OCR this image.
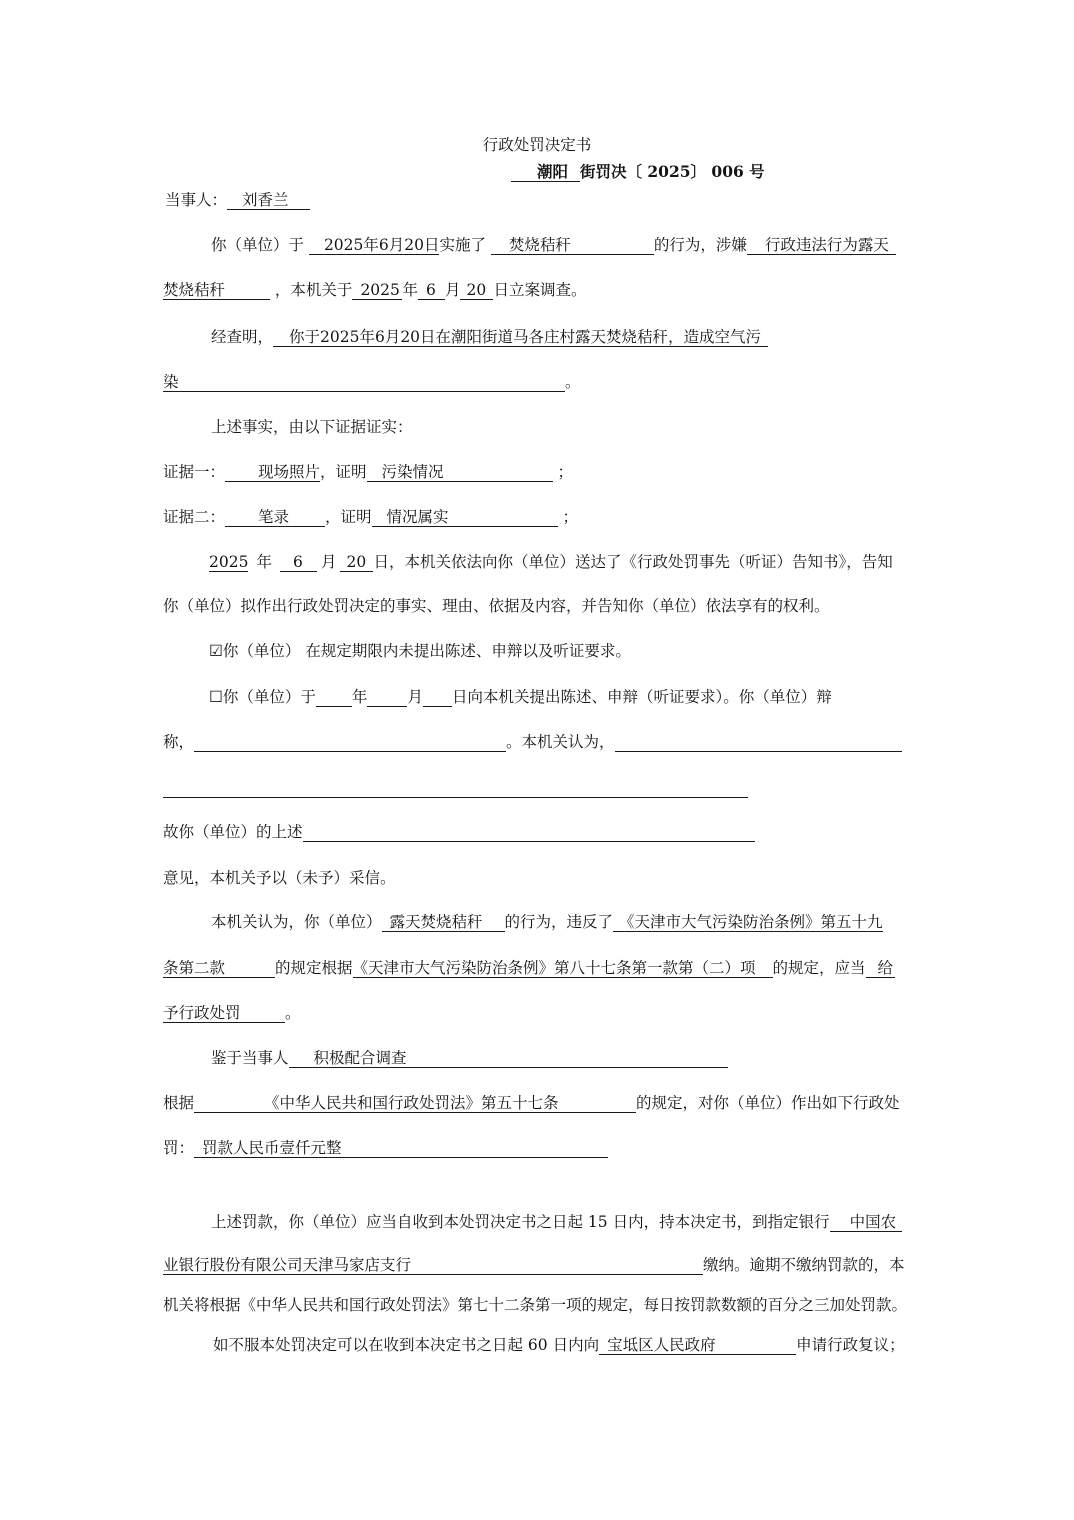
行政处罚决定书
潮阳 街罚决〔 2025〕 006 号
当事人： 刘香兰
你（单位）于 2025年6月20日实施了 焚烧秸秆	的行为，涉嫌 行政违法行为露天
焚烧秸秆	，本机关于 2025 年 6 月 20 日立案调查。
经查明， 你于2025年6月20日在潮阳街道马各庄村露天焚烧秸秆，造成空气污
染	。
上述事实，由以下证据证实：
证据一： 现场照片，证明 污染情况	；
证据二： 笔录 ，证明 情况属实	；
2025 年 6 月 20 日，本机关依法向你（单位）送达了《行政处罚事先（听证）告知书》，告知
你（单位）拟作出行政处罚决定的事实、理由、依据及内容，并告知你（单位）依法享有的权利。
☑你（单位） 在规定期限内未提出陈述、申辩以及听证要求。
☐你（单位）于 年	月 日向本机关提出陈述、申辩（听证要求）。你（单位）辩
称，	。本机关认为，

故你（单位）的上述
意见，本机关予以（未予）采信。
本机关认为，你（单位） 露天焚烧秸秆 的行为，违反了 《天津市大气污染防治条例》第五十九
条第二款	的规定根据《天津市大气污染防治条例》第八十七条第一款第（二）项 的规定，应当 给
予行政处罚	。
鉴于当事人 积极配合调查
根据	《中华人民共和国行政处罚法》第五十七条	的规定，对你（单位）作出如下行政处
罚： 罚款人民币壹仟元整
上述罚款，你（单位）应当自收到本处罚决定书之日起 15 日内，持本决定书，到指定银行 中国农
业银行股份有限公司天津马家店支行	缴纳。逾期不缴纳罚款的，本
机关将根据《中华人民共和国行政处罚法》第七十二条第一项的规定，每日按罚款数额的百分之三加处罚款。
如不服本处罚决定可以在收到本决定书之日起 60 日内向 宝坻区人民政府	申请行政复议；
